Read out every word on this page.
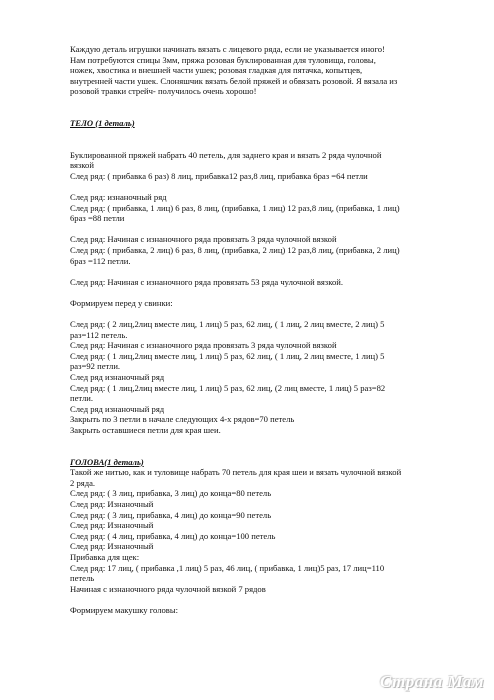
Каждую деталь игрушки начинать вязать с лицевого ряда, если не указывается иного!

Нам потребуются спицы 3мм, пряжа розовая буклированная для туловища, головы,

ножек, хвостика и внешней части ушек; розовая гладкая для пятачка, копытцев,

внутренней части ушек. Слоняшчик вязать белой пряжей и обвязать розовой. Я вязала из

розовой травки стрейч- получилось очень хорошо!

ТЕЛО (1 деталь)

Буклированной пряжей набрать 40 петель, для заднего края и вязать 2 ряда чулочной

вязкой

След ряд: ( прибавка 6 раз) 8 лиц, прибавка12 раз,8 лиц, прибавка 6раз =64 петли

След ряд: изнаночный ряд

След ряд: ( прибавка, 1 лиц) 6 раз, 8 лиц, (прибавка, 1 лиц) 12 раз,8 лиц, (прибавка, 1 лиц)

6раз =88 петли

След ряд: Начиная с изнаночного ряда провязать 3 ряда чулочной вязкой

След ряд: ( прибавка, 2 лиц) 6 раз, 8 лиц, (прибавка, 2 лиц) 12 раз,8 лиц, (прибавка, 2 лиц)

6раз =112 петли.

След ряд: Начиная с изнаночного ряда провязать 53 ряда чулочной вязкой.

Формируем перед у свинки:

След ряд: ( 2 лиц,2лиц вместе лиц, 1 лиц) 5 раз, 62 лиц, ( 1 лиц, 2 лиц вместе, 2 лиц) 5

раз=112 петель.

След ряд: Начиная с изнаночного ряда провязать 3 ряда чулочной вязкой

След ряд: ( 1 лиц,2лиц вместе лиц, 1 лиц) 5 раз, 62 лиц, ( 1 лиц, 2 лиц вместе, 1 лиц) 5

раз=92 петли.

След ряд изнаночный ряд

След ряд: ( 1 лиц,2лиц вместе лиц, 1 лиц) 5 раз, 62 лиц, (2 лиц вместе, 1 лиц) 5 раз=82

петли.

След ряд изнаночный ряд

Закрыть по 3 петли в начале следующих 4-х рядов=70 петель

Закрыть оставшиеся петли для края шеи.

ГОЛОВА(1 деталь)

Такой же нитью, как и туловище набрать 70 петель для края шеи и вязать чулочной вязкой

2 ряда.

След ряд: ( 3 лиц, прибавка, 3 лиц) до конца=80 петель

След ряд: Изнаночный

След ряд: ( 3 лиц, прибавка, 4 лиц) до конца=90 петель

След ряд: Изнаночный

След ряд: ( 4 лиц, прибавка, 4 лиц) до конца=100 петель

След ряд: Изнаночный

Прибавка для щек:

След ряд: 17 лиц, ( прибавка ,1 лиц) 5 раз, 46 лиц, ( прибавка, 1 лиц)5 раз, 17 лиц=110

петель

Начиная с изнаночного ряда чулочной вязкой 7 рядов

Формируем макушку головы:

Страна Мам
